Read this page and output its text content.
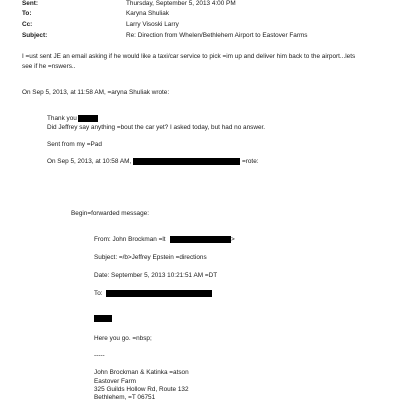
Sent:	Thursday, September 5, 2013 4:00 PM
To:	Karyna Shuliak
Cc:	Larry Visoski Larry
Subject:	Re: Direction from Whelen/Bethlehem Airport to Eastover Farms
I =ust sent JE an email asking if he would like a taxi/car service to pick =im up and deliver him back to the airport...lets
see if he =nswers..
On Sep 5, 2013, at 11:58 AM, =aryna Shuliak wrote:
Thank you
Did Jeffrey say anything =bout the car yet? I asked today, but had no answer.
Sent from my =Pad
On Sep 5, 2013, at 10:58 AM,	=rote:
Begin=forwarded message:
From: John Brockman =lt	>
Subject: =/b>Jeffrey Epstein =directions
Date: September 5, 2013 10:21:51 AM =DT
To:
Here you go. =nbsp;
-----
John Brockman & Katinka =atson
Eastover Farm
325 Guilds Hollow Rd, Route 132
Bethlehem, =T 06751
